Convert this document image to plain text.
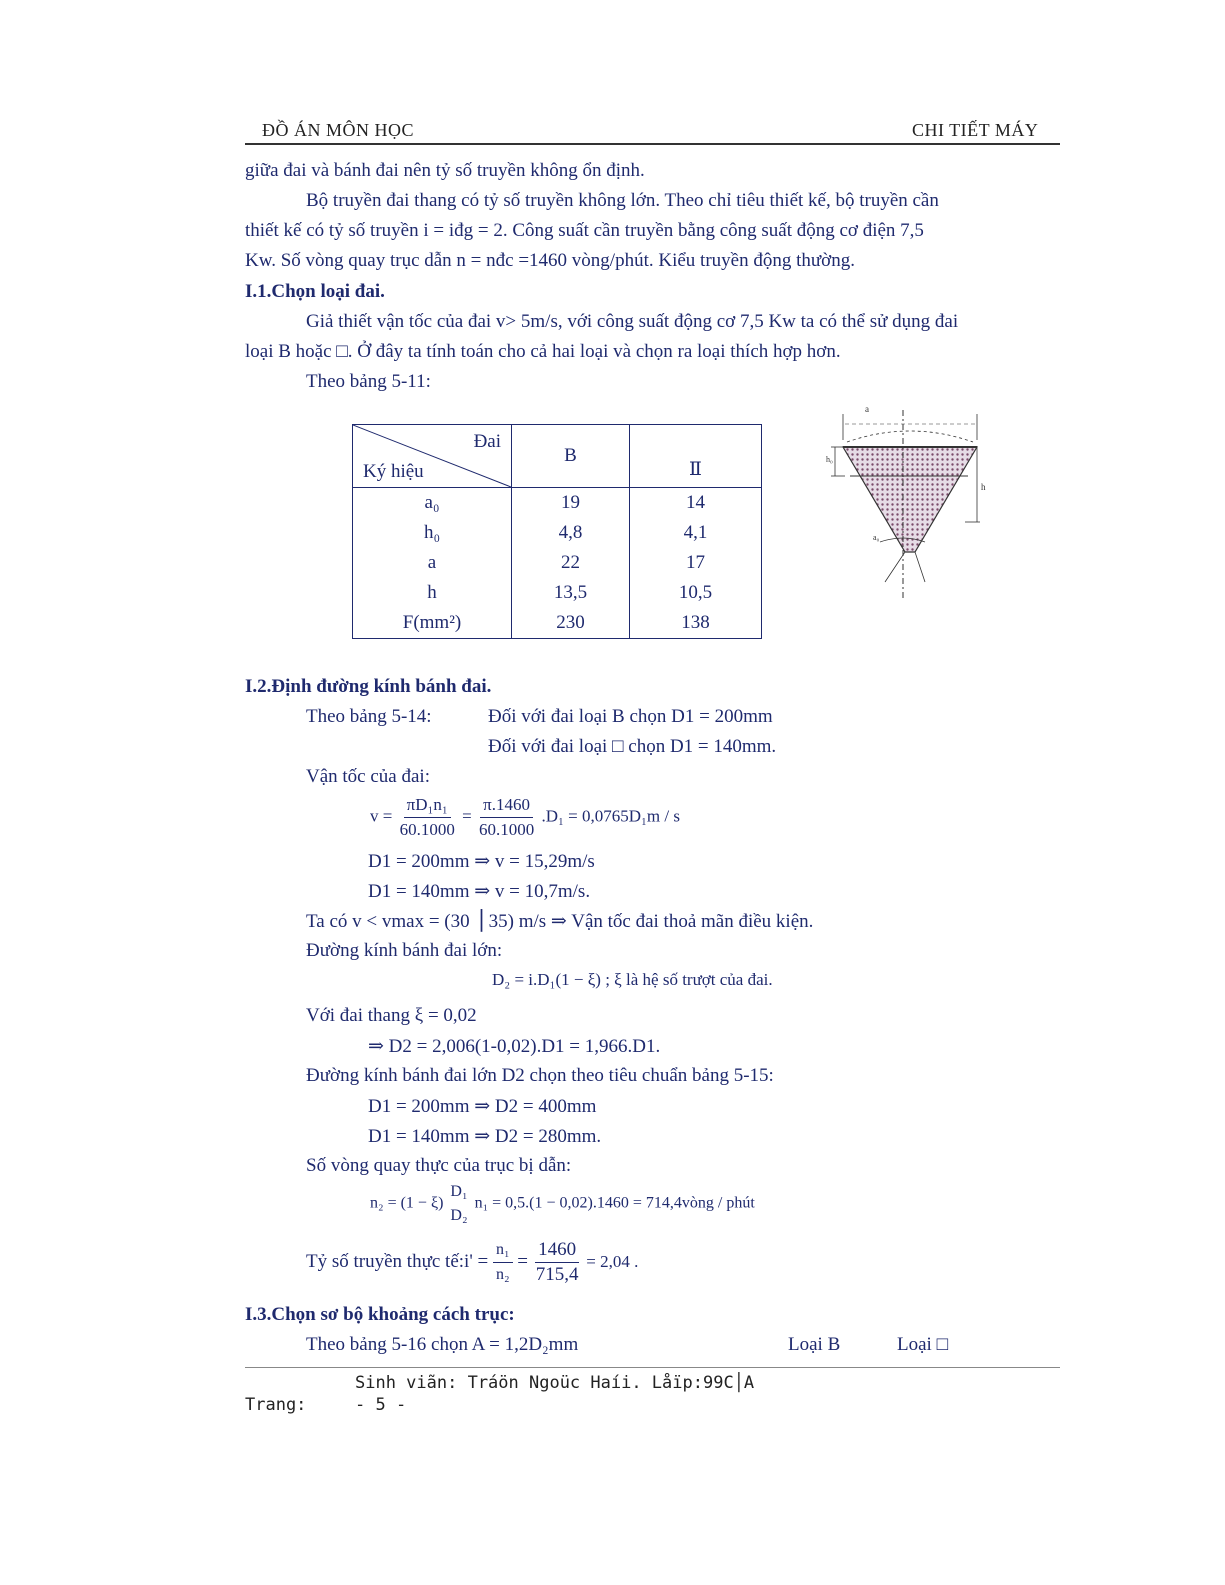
ĐỒ ÁN MÔN HỌC	CHI TIẾT MÁY
giữa đai và bánh đai nên tỷ số truyền không ổn định.
Bộ truyền đai thang có tỷ số truyền không lớn. Theo chỉ tiêu thiết kế, bộ truyền cần
thiết kế có tỷ số truyền i = iđg = 2. Công suất cần truyền bằng công suất động cơ điện 7,5
Kw. Số vòng quay trục dẫn n = nđc =1460 vòng/phút. Kiểu truyền động thường.
I.1.Chọn loại đai.
Giả thiết vận tốc của đai v> 5m/s, với công suất động cơ 7,5 Kw ta có thể sử dụng đai
loại B hoặc □. Ở đây ta tính toán cho cả hai loại và chọn ra loại thích hợp hơn.
Theo bảng 5-11:
Đai
Ký hiệu	B	Ⅱ
a₀	19	14
h₀	4,8	4,1
a	22	17
h	13,5	10,5
F(mm²)	230	138
a
h
h₀
a₀
I.2.Định đường kính bánh đai.
Theo bảng 5-14:	Đối với đai loại B chọn D1 = 200mm
Đối với đai loại □ chọn D1 = 140mm.
Vận tốc của đai:
$v = \frac{\text{πD₁n₁}}{60.1000} = \frac{\pi.1460}{60.1000} .D_1 = 0,0765D_1m / s$
D1 = 200mm ⇒ v = 15,29m/s
D1 = 140mm ⇒ v = 10,7m/s.
Ta có v < vmax = (30 ⎪35) m/s ⇒ Vận tốc đai thoả mãn điều kiện.
Đường kính bánh đai lớn:
D₂ = i.D₁(1 − ξ) ; ξ là hệ số trượt của đai.
Với đai thang ξ = 0,02
⇒ D2 = 2,006(1-0,02).D1 = 1,966.D1.
Đường kính bánh đai lớn D2 chọn theo tiêu chuẩn bảng 5-15:
D1 = 200mm ⇒ D2 = 400mm
D1 = 140mm ⇒ D2 = 280mm.
Số vòng quay thực của trục bị dẫn:
n₂ = (1 − ξ)
D₁
D₂
n₁ = 0,5.(1 − 0,02).1460 = 714,4vòng / phút
Tỷ số truyền thực tế:i' = $\frac{\text{n₁}}{\text{n₂}} = \frac{1460}{715,4} = 2,04$ .
I.3.Chọn sơ bộ khoảng cách trục:
Theo bảng 5-16 chọn A = 1,2D₂mm	Loại B	Loại □
Sinh viãn: Tráön Ngoüc Haíi. Låïp:99C│A
Trang:	- 5 -
